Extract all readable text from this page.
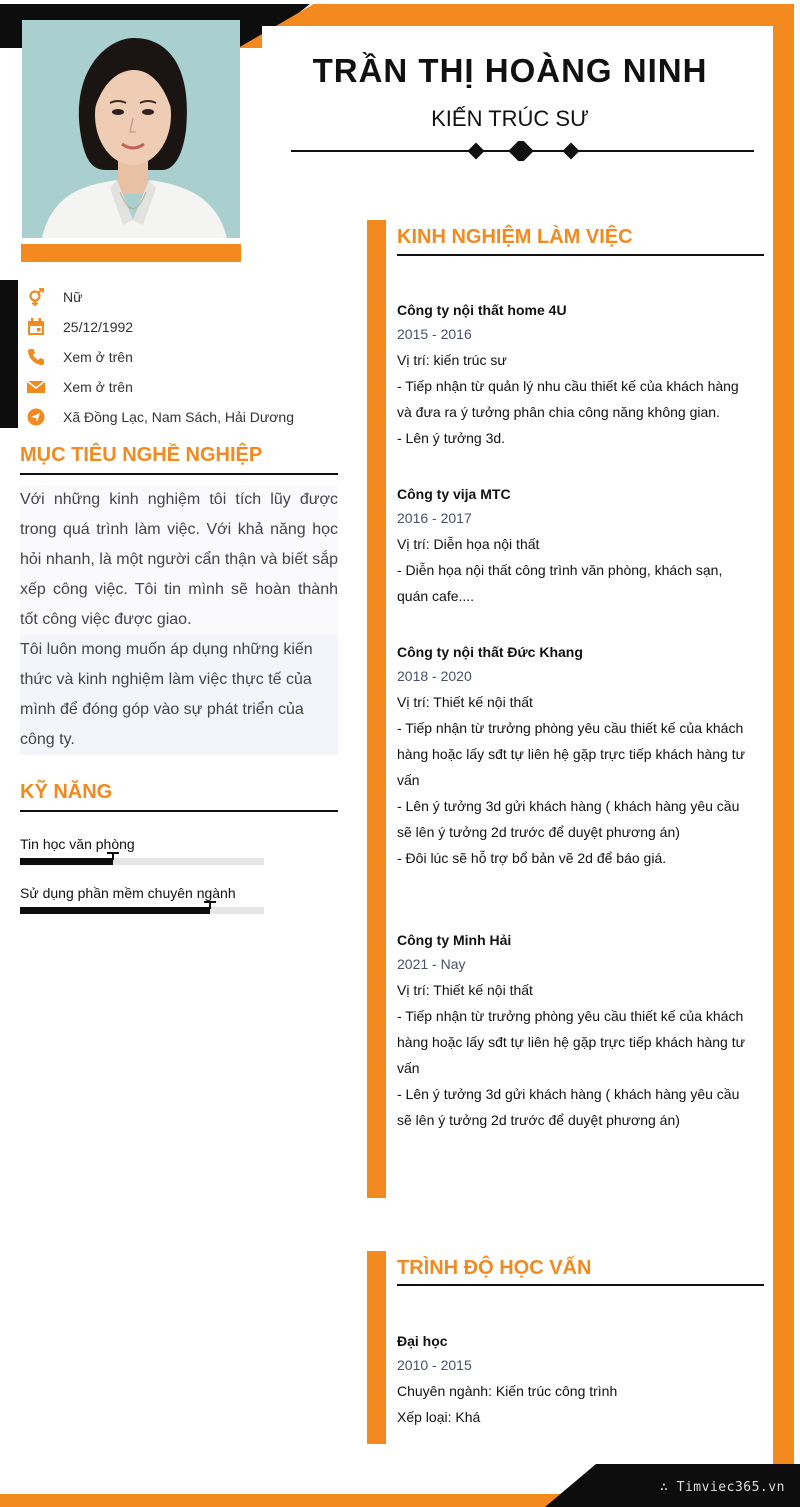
∴ Timviec365.vn
TRẦN THỊ HOÀNG NINH
KIẾN TRÚC SƯ
Nữ
25/12/1992
Xem ở trên
Xem ở trên
Xã Đồng Lạc, Nam Sách, Hải Dương
MỤC TIÊU NGHỀ NGHIỆP

Với những kinh nghiệm tôi tích lũy được trong quá trình làm việc. Với khả năng học hỏi nhanh, là một người cẩn thận và biết sắp xếp công việc. Tôi tin mình sẽ hoàn thành tốt công việc được giao.

Tôi luôn mong muốn áp dụng những kiến thức và kinh nghiệm làm việc thực tế của mình để đóng góp vào sự phát triển của công ty.

KỸ NĂNG
Tin học văn phòng
Sử dụng phần mềm chuyên ngành
KINH NGHIỆM LÀM VIỆC
Công ty nội thất home 4U
2015 - 2016
Vị trí: kiến trúc sư
- Tiếp nhận từ quản lý nhu cầu thiết kế của khách hàng
và đưa ra ý tưởng phân chia công năng không gian.
- Lên ý tưởng 3d.
Công ty vija MTC
2016 - 2017
Vị trí: Diễn họa nội thất
- Diễn họa nội thất công trình văn phòng, khách sạn,
quán cafe....
Công ty nội thất Đức Khang
2018 - 2020
Vị trí: Thiết kế nội thất
- Tiếp nhận từ trưởng phòng yêu cầu thiết kế của khách
hàng hoặc lấy sđt tự liên hệ gặp trực tiếp khách hàng tư
vấn
- Lên ý tưởng 3d gửi khách hàng ( khách hàng yêu cầu
sẽ lên ý tưởng 2d trước để duyệt phương án)
- Đôi lúc sẽ hỗ trợ bổ bản vẽ 2d để báo giá.
Công ty Minh Hải
2021 - Nay
Vị trí: Thiết kế nội thất
- Tiếp nhận từ trưởng phòng yêu cầu thiết kế của khách
hàng hoặc lấy sđt tự liên hệ gặp trực tiếp khách hàng tư
vấn
- Lên ý tưởng 3d gửi khách hàng ( khách hàng yêu cầu
sẽ lên ý tưởng 2d trước để duyệt phương án)
TRÌNH ĐỘ HỌC VẤN
Đại học
2010 - 2015
Chuyên ngành: Kiến trúc công trình
Xếp loại: Khá
